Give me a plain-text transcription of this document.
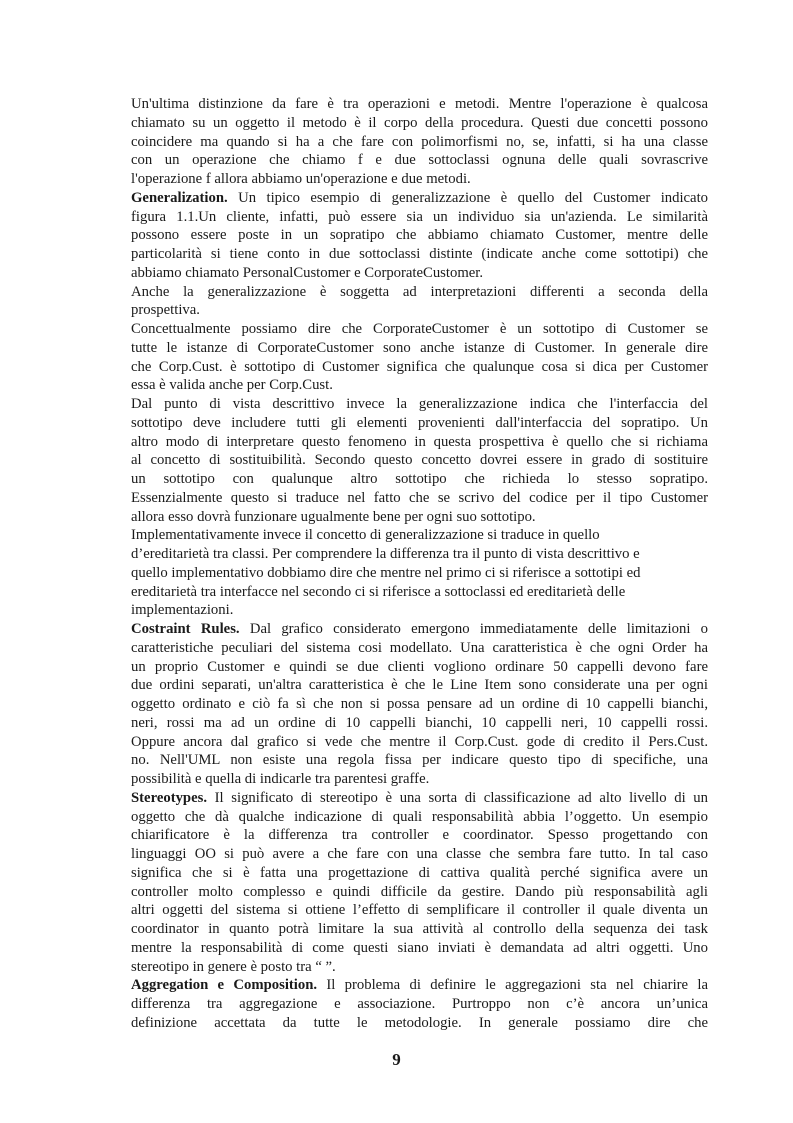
Un'ultima distinzione da fare è tra operazioni e metodi. Mentre l'operazione è qualcosa
chiamato su un oggetto il metodo è il corpo della procedura. Questi due concetti possono
coincidere ma quando si ha a che fare con polimorfismi no, se, infatti, si ha una classe
con un operazione che chiamo f e due sottoclassi ognuna delle quali sovrascrive
l'operazione f allora abbiamo un'operazione e due metodi.
Generalization. Un tipico esempio di generalizzazione è quello del Customer indicato
figura 1.1.Un cliente, infatti, può essere sia un individuo sia un'azienda. Le similarità
possono essere poste in un sopratipo che abbiamo chiamato Customer, mentre delle
particolarità si tiene conto in due sottoclassi distinte (indicate anche come sottotipi) che
abbiamo chiamato PersonalCustomer e CorporateCustomer.
Anche la generalizzazione è soggetta ad interpretazioni differenti a seconda della
prospettiva.
Concettualmente possiamo dire che CorporateCustomer è un sottotipo di Customer se
tutte le istanze di CorporateCustomer sono anche istanze di Customer. In generale dire
che Corp.Cust. è sottotipo di Customer significa che qualunque cosa si dica per Customer
essa è valida anche per Corp.Cust.
Dal punto di vista descrittivo invece la generalizzazione indica che l'interfaccia del
sottotipo deve includere tutti gli elementi provenienti dall'interfaccia del sopratipo. Un
altro modo di interpretare questo fenomeno in questa prospettiva è quello che si richiama
al concetto di sostituibilità. Secondo questo concetto dovrei essere in grado di sostituire
un sottotipo con qualunque altro sottotipo che richieda lo stesso sopratipo.
Essenzialmente questo si traduce nel fatto che se scrivo del codice per il tipo Customer
allora esso dovrà funzionare ugualmente bene per ogni suo sottotipo.
Implementativamente invece il concetto di generalizzazione si traduce in quello
d’ereditarietà tra classi. Per comprendere la differenza tra il punto di vista descrittivo e
quello implementativo dobbiamo dire che mentre nel primo ci si riferisce a sottotipi ed
ereditarietà tra interfacce nel secondo ci si riferisce a sottoclassi ed ereditarietà delle
implementazioni.
Costraint Rules. Dal grafico considerato emergono immediatamente delle limitazioni o
caratteristiche peculiari del sistema cosi modellato. Una caratteristica è che ogni Order ha
un proprio Customer e quindi se due clienti vogliono ordinare 50 cappelli devono fare
due ordini separati, un'altra caratteristica è che le Line Item sono considerate una per ogni
oggetto ordinato e ciò fa sì che non si possa pensare ad un ordine di 10 cappelli bianchi,
neri, rossi ma ad un ordine di 10 cappelli bianchi, 10 cappelli neri, 10 cappelli rossi.
Oppure ancora dal grafico si vede che mentre il Corp.Cust. gode di credito il Pers.Cust.
no. Nell'UML non esiste una regola fissa per indicare questo tipo di specifiche, una
possibilità e quella di indicarle tra parentesi graffe.
Stereotypes. Il significato di stereotipo è una sorta di classificazione ad alto livello di un
oggetto che dà qualche indicazione di quali responsabilità abbia l’oggetto. Un esempio
chiarificatore è la differenza tra controller e coordinator. Spesso progettando con
linguaggi OO si può avere a che fare con una classe che sembra fare tutto. In tal caso
significa che si è fatta una progettazione di cattiva qualità perché significa avere un
controller molto complesso e quindi difficile da gestire. Dando più responsabilità agli
altri oggetti del sistema si ottiene l’effetto di semplificare il controller il quale diventa un
coordinator in quanto potrà limitare la sua attività al controllo della sequenza dei task
mentre la responsabilità di come questi siano inviati è demandata ad altri oggetti. Uno
stereotipo in genere è posto tra “ ”.
Aggregation e Composition. Il problema di definire le aggregazioni sta nel chiarire la
differenza tra aggregazione e associazione. Purtroppo non c’è ancora un’unica
definizione accettata da tutte le metodologie. In generale possiamo dire che
9
